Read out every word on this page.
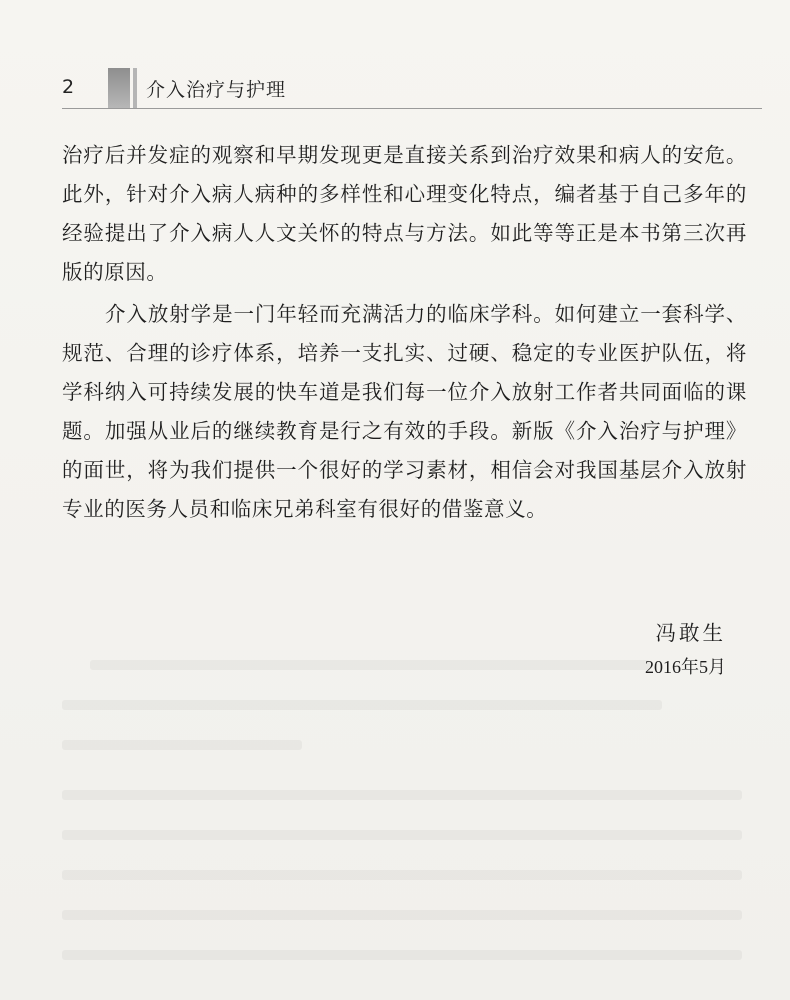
2	介入治疗与护理

治疗后并发症的观察和早期发现更是直接关系到治疗效果和病人的安危。此外，针对介入病人病种的多样性和心理变化特点，编者基于自己多年的经验提出了介入病人人文关怀的特点与方法。如此等等正是本书第三次再版的原因。

介入放射学是一门年轻而充满活力的临床学科。如何建立一套科学、规范、合理的诊疗体系，培养一支扎实、过硬、稳定的专业医护队伍，将学科纳入可持续发展的快车道是我们每一位介入放射工作者共同面临的课题。加强从业后的继续教育是行之有效的手段。新版《介入治疗与护理》的面世，将为我们提供一个很好的学习素材，相信会对我国基层介入放射专业的医务人员和临床兄弟科室有很好的借鉴意义。

冯敢生
2016年5月
